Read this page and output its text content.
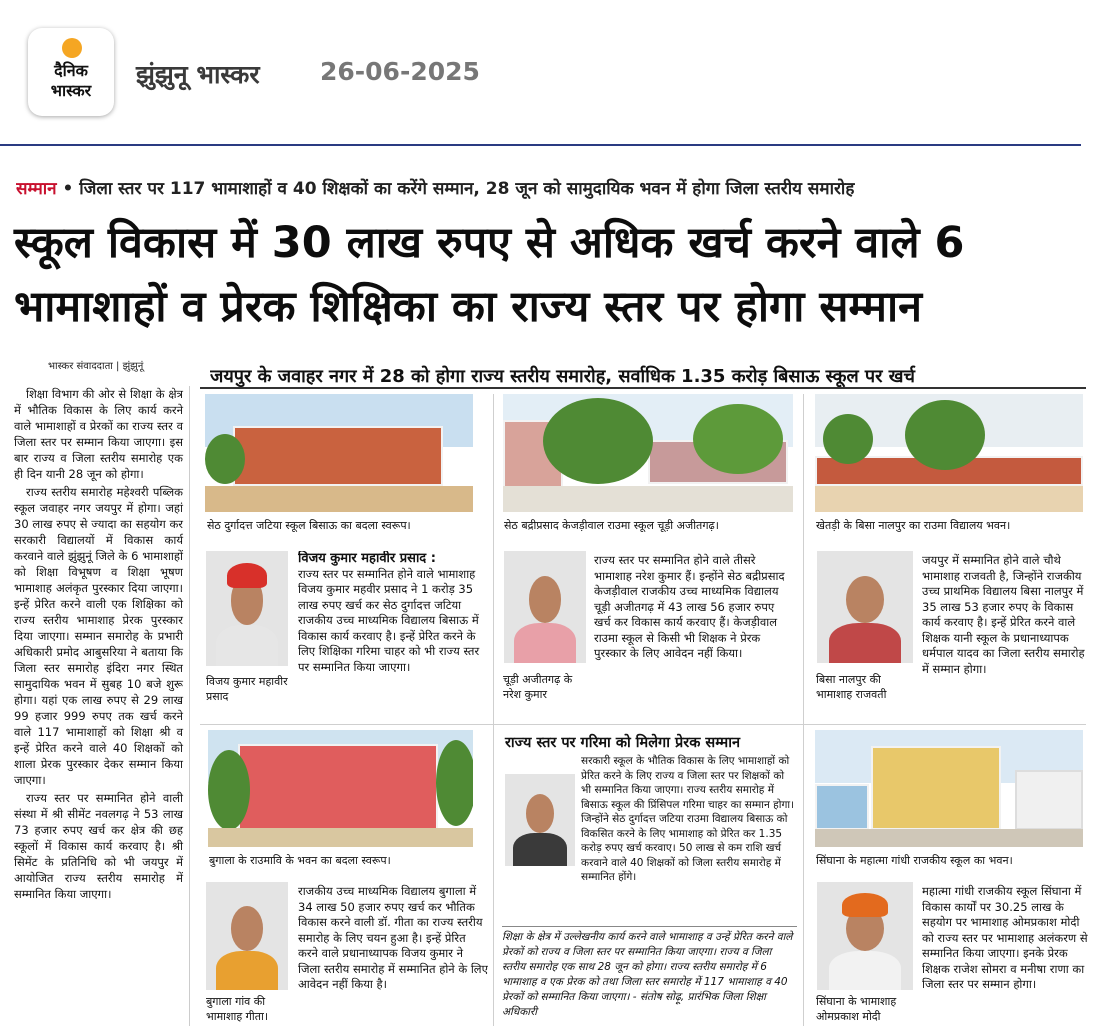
दैनिक
भास्कर
झुंझुनू भास्कर 26-06-2025
सम्मान • जिला स्तर पर 117 भामाशाहों व 40 शिक्षकों का करेंगे सम्मान, 28 जून को सामुदायिक भवन में होगा जिला स्तरीय समारोह
स्कूल विकास में 30 लाख रुपए से अधिक खर्च करने वाले 6 भामाशाहों व प्रेरक शिक्षिका का राज्य स्तर पर होगा सम्मान
भास्कर संवाददाता | झुंझुनूं	जयपुर के जवाहर नगर में 28 को होगा राज्य स्तरीय समारोह, सर्वाधिक 1.35 करोड़ बिसाऊ स्कूल पर खर्च

शिक्षा विभाग की ओर से शिक्षा के क्षेत्र में भौतिक विकास के लिए कार्य करने वाले भामाशाहों व प्रेरकों का राज्य स्तर व जिला स्तर पर सम्मान किया जाएगा। इस बार राज्य व जिला स्तरीय समारोह एक ही दिन यानी 28 जून को होगा।

राज्य स्तरीय समारोह महेश्वरी पब्लिक स्कूल जवाहर नगर जयपुर में होगा। जहां 30 लाख रुपए से ज्यादा का सहयोग कर सरकारी विद्यालयों में विकास कार्य करवाने वाले झुंझुनूं जिले के 6 भामाशाहों को शिक्षा विभूषण व शिक्षा भूषण भामाशाह अलंकृत पुरस्कार दिया जाएगा। इन्हें प्रेरित करने वाली एक शिक्षिका को राज्य स्तरीय भामाशाह प्रेरक पुरस्कार दिया जाएगा। सम्मान समारोह के प्रभारी अधिकारी प्रमोद आबुसरिया ने बताया कि जिला स्तर समारोह इंदिरा नगर स्थित सामुदायिक भवन में सुबह 10 बजे शुरू होगा। यहां एक लाख रुपए से 29 लाख 99 हजार 999 रुपए तक खर्च करने वाले 117 भामाशाहों को शिक्षा श्री व इन्हें प्रेरित करने वाले 40 शिक्षकों को शाला प्रेरक पुरस्कार देकर सम्मान किया जाएगा।

राज्य स्तर पर सम्मानित होने वाली संस्था में श्री सीमेंट नवलगढ़ ने 53 लाख 73 हजार रुपए खर्च कर क्षेत्र की छह स्कूलों में विकास कार्य करवाए है। श्री सिमेंट के प्रतिनिधि को भी जयपुर में आयोजित राज्य स्तरीय समारोह में सम्मानित किया जाएगा।

सेठ दुर्गादत्त जटिया स्कूल बिसाऊ का बदला स्वरूप।	सेठ बद्रीप्रसाद केजड़ीवाल राउमा स्कूल चूड़ी अजीतगढ़।	खेतड़ी के बिसा नालपुर का राउमा विद्यालय भवन।
विजय कुमार महावीर प्रसाद
विजय कुमार महावीर प्रसाद :
राज्य स्तर पर सम्मानित होने वाले भामाशाह विजय कुमार महवीर प्रसाद ने 1 करोड़ 35 लाख रुपए खर्च कर सेठ दुर्गादत्त जटिया राजकीय उच्च माध्यमिक विद्यालय बिसाऊ में विकास कार्य करवाए है। इन्हें प्रेरित करने के लिए शिक्षिका गरिमा चाहर को भी राज्य स्तर पर सम्मानित किया जाएगा।
चूड़ी अजीतगढ़ के नरेश कुमार
राज्य स्तर पर सम्मानित होने वाले तीसरे भामाशाह नरेश कुमार हैं। इन्होंने सेठ बद्रीप्रसाद केजड़ीवाल राजकीय उच्च माध्यमिक विद्यालय चूड़ी अजीतगढ़ में 43 लाख 56 हजार रुपए खर्च कर विकास कार्य करवाए हैं। केजड़ीवाल राउमा स्कूल से किसी भी शिक्षक ने प्रेरक पुरस्कार के लिए आवेदन नहीं किया।
बिसा नालपुर की भामाशाह राजवती
जयपुर में सम्मानित होने वाले चौथे भामाशाह राजवती है, जिन्होंने राजकीय उच्च प्राथमिक विद्यालय बिसा नालपुर में 35 लाख 53 हजार रुपए के विकास कार्य करवाए है। इन्हें प्रेरित करने वाले शिक्षक यानी स्कूल के प्रधानाध्यापक धर्मपाल यादव का जिला स्तरीय समारोह में सम्मान होगा।
बुगाला के राउमावि के भवन का बदला स्वरूप।	सिंघाना के महात्मा गांधी राजकीय स्कूल का भवन।
बुगाला गांव की भामाशाह गीता।
राजकीय उच्च माध्यमिक विद्यालय बुगाला में 34 लाख 50 हजार रुपए खर्च कर भौतिक विकास करने वाली डॉ. गीता का राज्य स्तरीय समारोह के लिए चयन हुआ है। इन्हें प्रेरित करने वाले प्रधानाध्यापक विजय कुमार ने जिला स्तरीय समारोह में सम्मानित होने के लिए आवेदन नहीं किया है।
राज्य स्तर पर गरिमा को मिलेगा प्रेरक सम्मान
सरकारी स्कूल के भौतिक विकास के लिए भामाशाहों को प्रेरित करने के लिए राज्य व जिला स्तर पर शिक्षकों को भी सम्मानित किया जाएगा। राज्य स्तरीय समारोह में बिसाऊ स्कूल की प्रिंसिपल गरिमा चाहर का सम्मान होगा। जिन्होंने सेठ दुर्गादत्त जटिया राउमा विद्यालय बिसाऊ को विकसित करने के लिए भामाशाह को प्रेरित कर 1.35 करोड़ रुपए खर्च करवाए। 50 लाख से कम राशि खर्च करवाने वाले 40 शिक्षकों को जिला स्तरीय समारोह में सम्मानित होंगे।
शिक्षा के क्षेत्र में उल्लेखनीय कार्य करने वाले भामाशाह व उन्हें प्रेरित करने वाले प्रेरकों को राज्य व जिला स्तर पर सम्मानित किया जाएगा। राज्य व जिला स्तरीय समारोह एक साथ 28 जून को होगा। राज्य स्तरीय समारोह में 6 भामाशाह व एक प्रेरक को तथा जिला स्तर समारोह में 117 भामाशाह व 40 प्रेरकों को सम्मानित किया जाएगा। - संतोष सोढ़ू, प्रारंभिक जिला शिक्षा अधिकारी
सिंघाना के भामाशाह ओमप्रकाश मोदी
महात्मा गांधी राजकीय स्कूल सिंघाना में विकास कार्यों पर 30.25 लाख के सहयोग पर भामाशाह ओमप्रकाश मोदी को राज्य स्तर पर भामाशाह अलंकरण से सम्मानित किया जाएगा। इनके प्रेरक शिक्षक राजेश सोमरा व मनीषा राणा का जिला स्तर पर सम्मान होगा।
